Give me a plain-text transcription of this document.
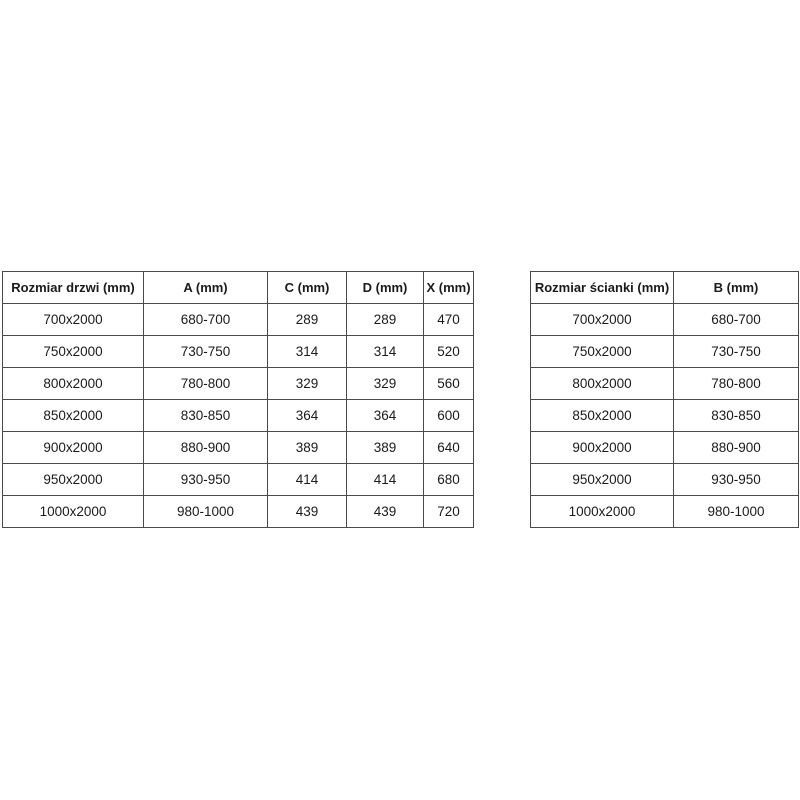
Rozmiar drzwi (mm)	A (mm)	C (mm)	D (mm)	X (mm)
700x2000	680-700	289	289	470
750x2000	730-750	314	314	520
800x2000	780-800	329	329	560
850x2000	830-850	364	364	600
900x2000	880-900	389	389	640
950x2000	930-950	414	414	680
1000x2000	980-1000	439	439	720
Rozmiar ścianki (mm)	B (mm)
700x2000	680-700
750x2000	730-750
800x2000	780-800
850x2000	830-850
900x2000	880-900
950x2000	930-950
1000x2000	980-1000
